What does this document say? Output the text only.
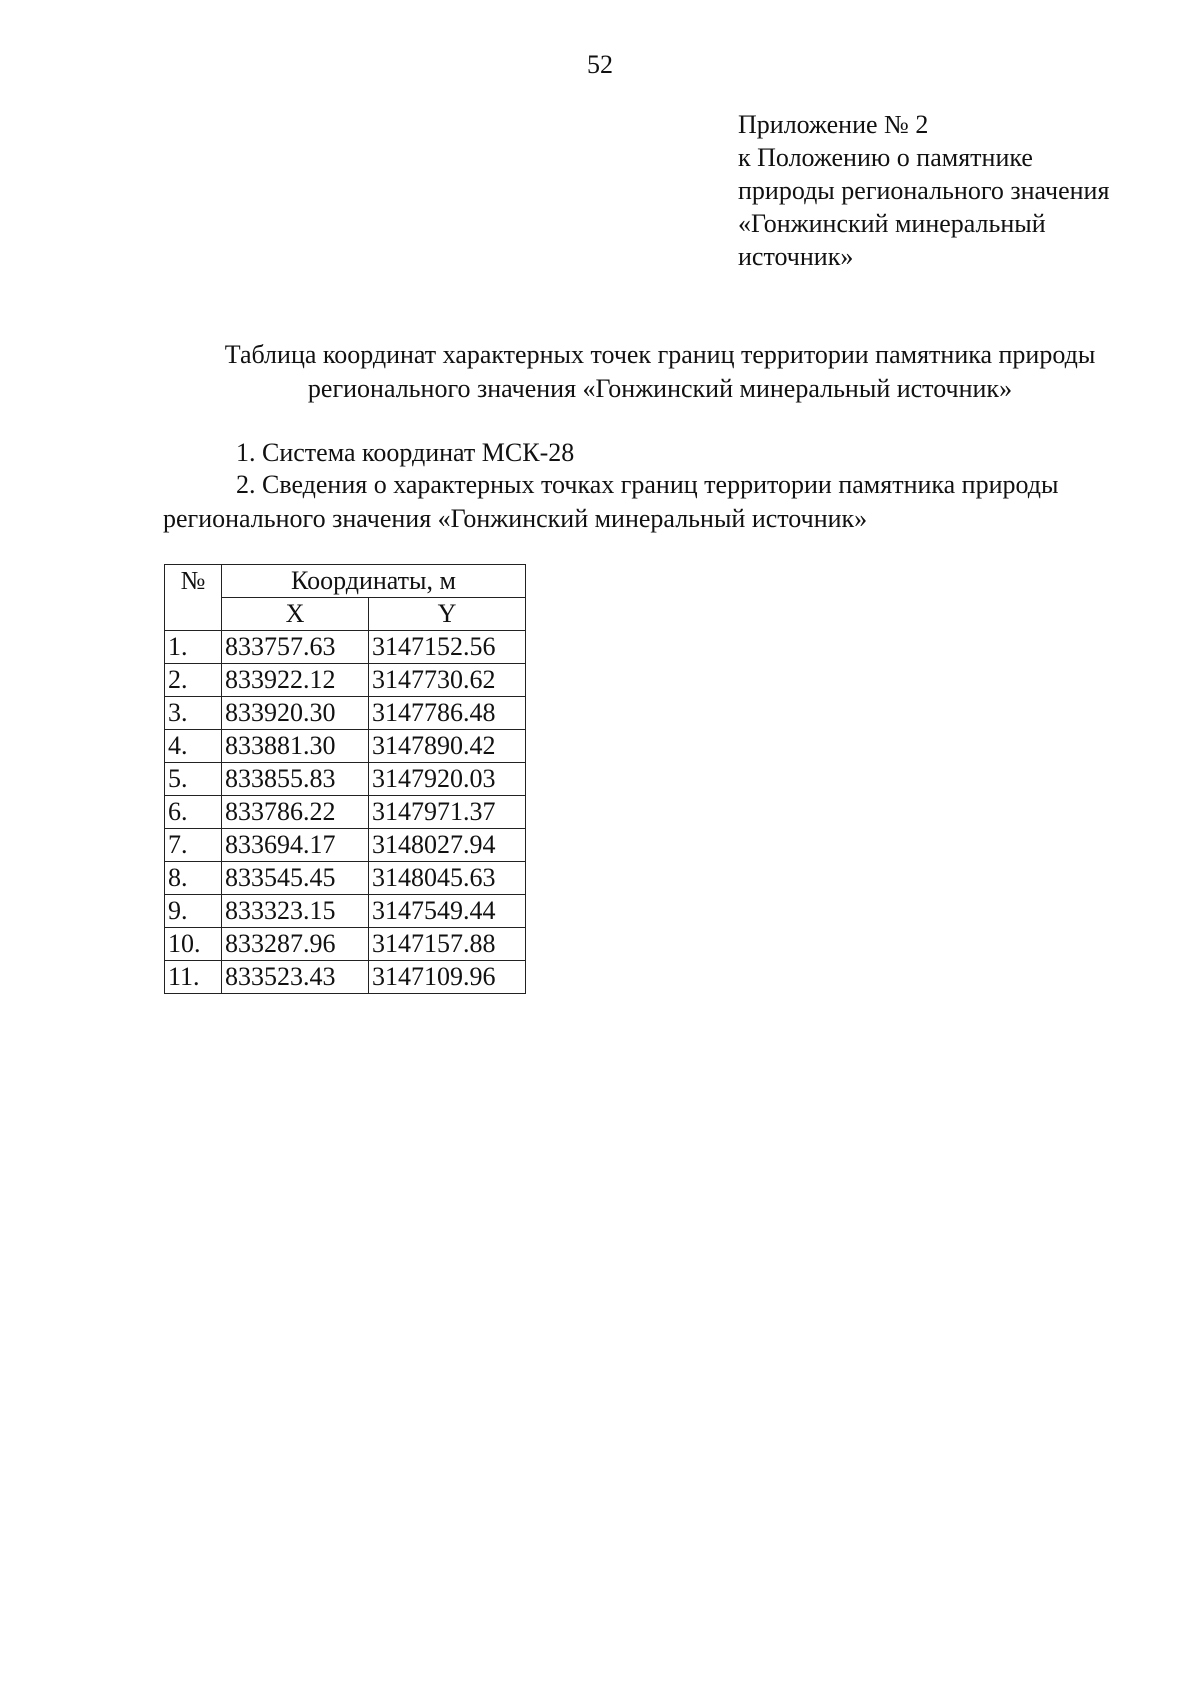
52
Приложение № 2
к Положению о памятнике
природы регионального значения
«Гонжинский минеральный
источник»
Таблица координат характерных точек границ территории памятника природы
регионального значения «Гонжинский минеральный источник»
1. Система координат МСК-28
2. Сведения о характерных точках границ территории памятника природы
регионального значения «Гонжинский минеральный источник»
№	Координаты, м	
	X	Y
1.	833757.63	3147152.56
2.	833922.12	3147730.62
3.	833920.30	3147786.48
4.	833881.30	3147890.42
5.	833855.83	3147920.03
6.	833786.22	3147971.37
7.	833694.17	3148027.94
8.	833545.45	3148045.63
9.	833323.15	3147549.44
10.	833287.96	3147157.88
11.	833523.43	3147109.96
